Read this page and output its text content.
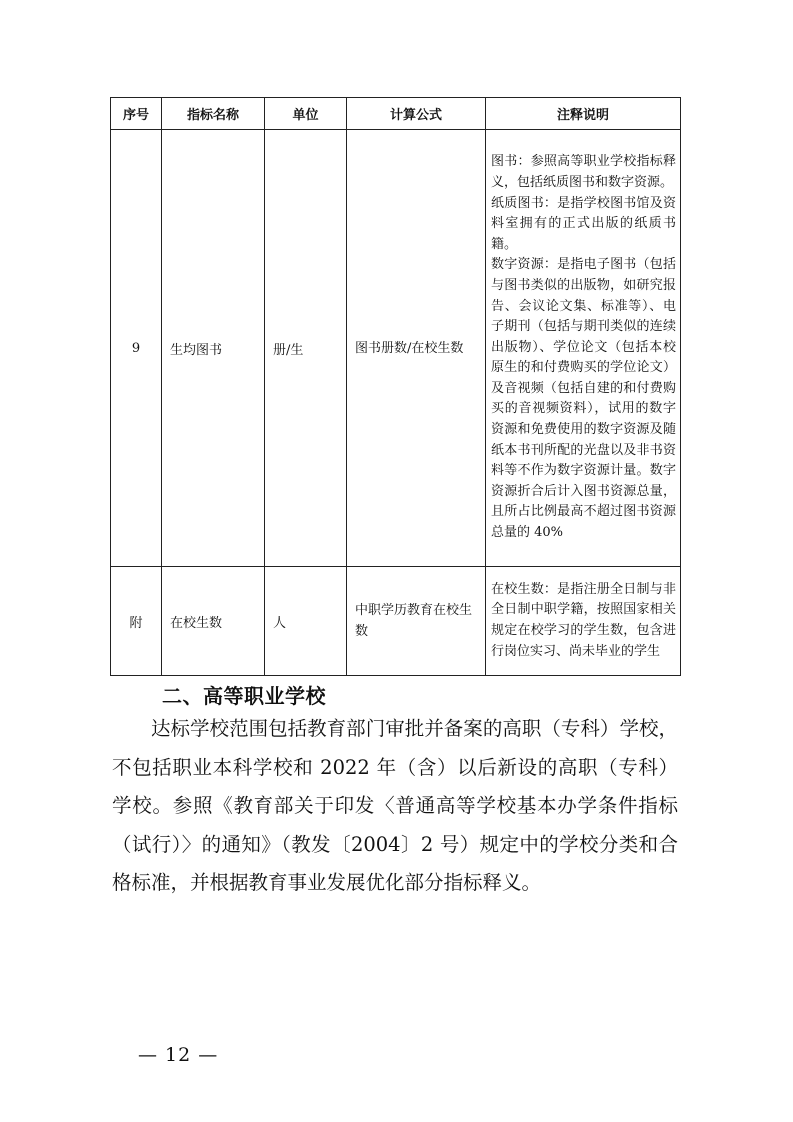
序号	指标名称	单位	计算公式	注释说明
9	生均图书	册/生	图书册数/在校生数	图书：参照高等职业学校指标释义，包括纸质图书和数字资源。

纸质图书：是指学校图书馆及资料室拥有的正式出版的纸质书籍。

数字资源：是指电子图书（包括与图书类似的出版物，如研究报告、会议论文集、标准等）、电子期刊（包括与期刊类似的连续出版物）、学位论文（包括本校原生的和付费购买的学位论文）及音视频（包括自建的和付费购买的音视频资料），试用的数字资源和免费使用的数字资源及随纸本书刊所配的光盘以及非书资料等不作为数字资源计量。数字资源折合后计入图书资源总量，且所占比例最高不超过图书资源总量的 40%

附	在校生数	人	中职学历教育在校生数	在校生数：是指注册全日制与非全日制中职学籍，按照国家相关规定在校学习的学生数，包含进行岗位实习、尚未毕业的学生

二、高等职业学校

达标学校范围包括教育部门审批并备案的高职（专科）学校，不包括职业本科学校和 2022 年（含）以后新设的高职（专科）学校。参照《教育部关于印发〈普通高等学校基本办学条件指标（试行）〉的通知》（教发〔2004〕2 号）规定中的学校分类和合格标准，并根据教育事业发展优化部分指标释义。

— 12 —
